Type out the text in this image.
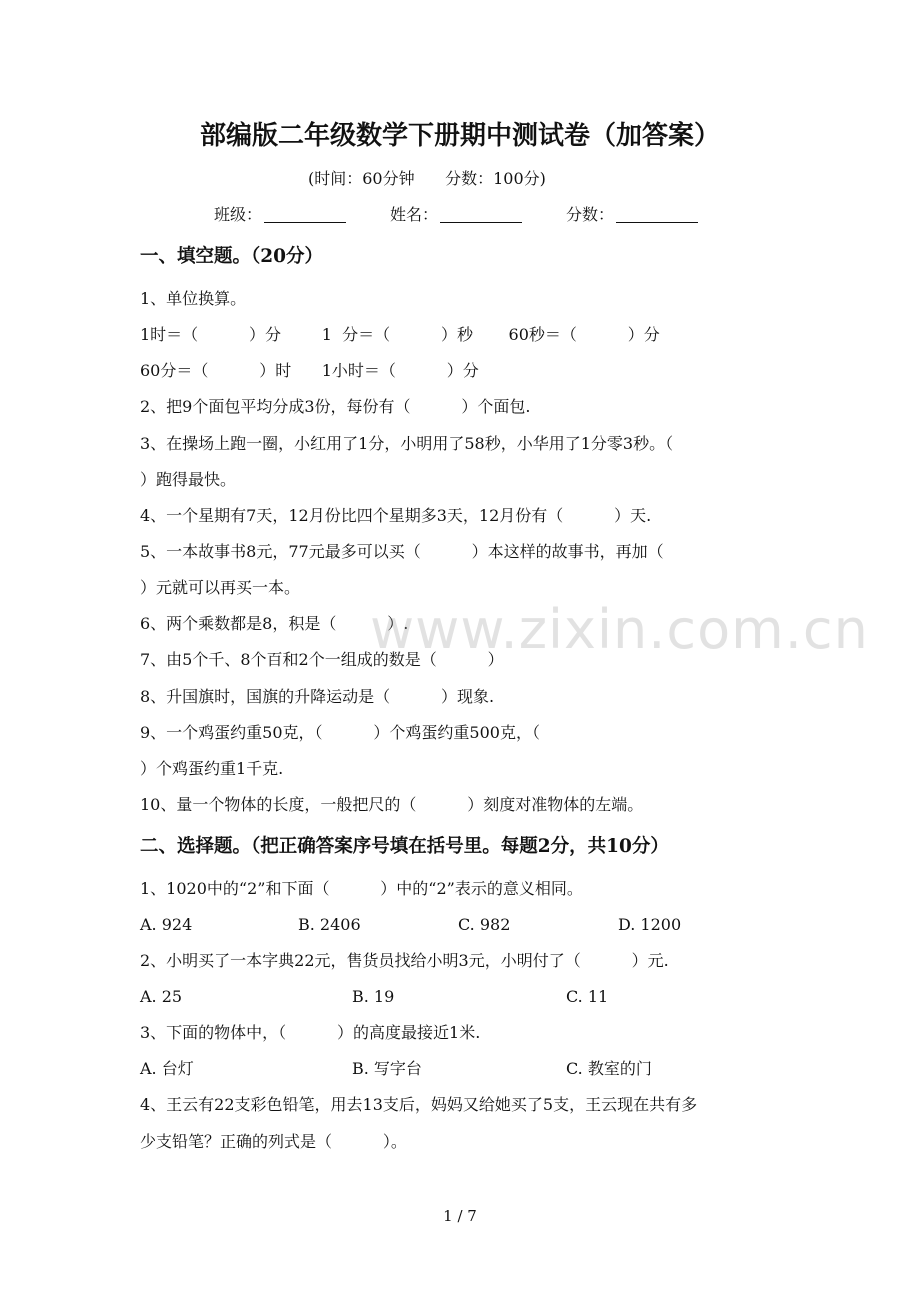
部编版二年级数学下册期中测试卷（加答案）
(时间：60分钟      分数：100分)
班级：	姓名：	分数：
一、填空题。（20分）
1、单位换算。
1时＝（          ）分        1  分＝（          ）秒       60秒＝（          ）分
60分＝（          ）时      1小时＝（          ）分
2、把9个面包平均分成3份，每份有（          ）个面包.
3、在操场上跑一圈，小红用了1分，小明用了58秒，小华用了1分零3秒。（
）跑得最快。
4、一个星期有7天，12月份比四个星期多3天，12月份有（          ）天.
5、一本故事书8元，77元最多可以买（          ）本这样的故事书，再加（
）元就可以再买一本。
6、两个乘数都是8，积是（          ）.
7、由5个千、8个百和2个一组成的数是（          ）
8、升国旗时，国旗的升降运动是（          ）现象.
9、一个鸡蛋约重50克，（          ）个鸡蛋约重500克，（
）个鸡蛋约重1千克.
10、量一个物体的长度，一般把尺的（          ）刻度对准物体的左端。
二、选择题。（把正确答案序号填在括号里。每题2分，共10分）
1、1020中的“2”和下面（          ）中的“2”表示的意义相同。
A. 924	B. 2406	C. 982	D. 1200
2、小明买了一本字典22元，售货员找给小明3元，小明付了（          ）元.
A. 25	B. 19	C. 11
3、下面的物体中，（          ）的高度最接近1米.
A. 台灯	B. 写字台	C. 教室的门
4、王云有22支彩色铅笔，用去13支后，妈妈又给她买了5支，王云现在共有多
少支铅笔？正确的列式是（          ）。
www.zixin.com.cn
1 / 7
